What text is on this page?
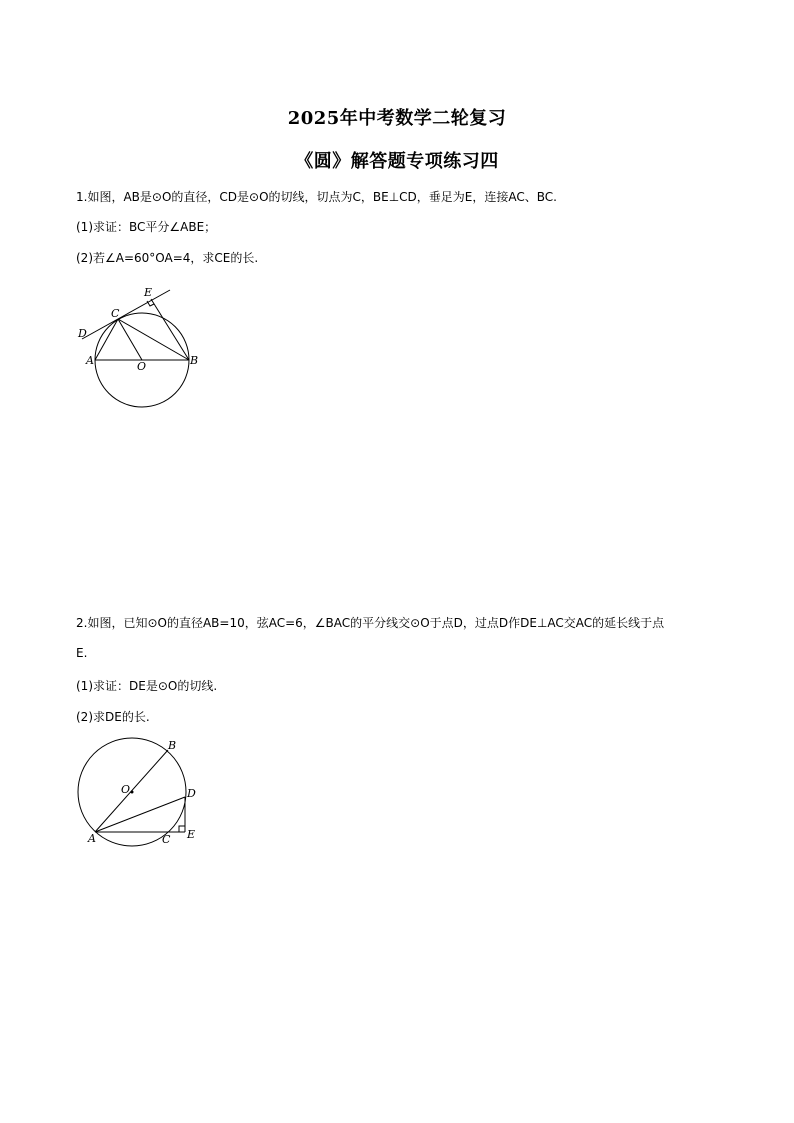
2025年中考数学二轮复习
《圆》解答题专项练习四
1.如图，AB是⊙O的直径，CD是⊙O的切线，切点为C，BE⊥CD，垂足为E，连接AC、BC.
(1)求证：BC平分∠ABE；
(2)若∠A=60°OA=4，求CE的长.
E
C
D
A	O	B
2.如图，已知⊙O的直径AB=10，弦AC=6，∠BAC的平分线交⊙O于点D，过点D作DE⊥AC交AC的延长线于点
E.
(1)求证：DE是⊙O的切线.
(2)求DE的长.
B
O	D
A	C E
